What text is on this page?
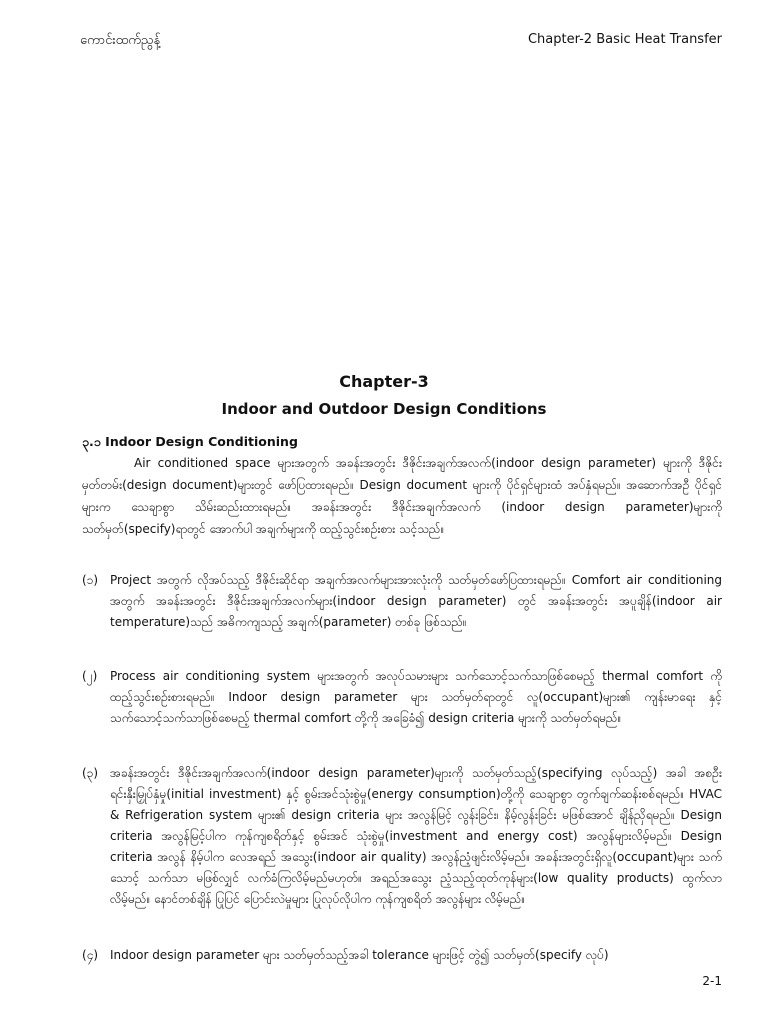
ကောင်းထက်ညွန့်	Chapter-2 Basic Heat Transfer
Chapter-3
Indoor and Outdoor Design Conditions
၃.၁ Indoor Design Conditioning

Air conditioned space များအတွက် အခန်းအတွင်း ဒီဇိုင်းအချက်အလက်(indoor design parameter) များကို ဒီဇိုင်းမှတ်တမ်း(design document)များတွင် ဖော်ပြထားရမည်။ Design document များကို ပိုင်ရှင်များထံ အပ်နှံရမည်။ အဆောက်အဦ ပိုင်ရှင်များက သေချာစွာ သိမ်းဆည်းထားရမည်။ အခန်းအတွင်း ဒီဇိုင်းအချက်အလက် (indoor design parameter)များကို သတ်မှတ်(specify)ရာတွင် အောက်ပါ အချက်များကို ထည့်သွင်းစဉ်းစား သင့်သည်။

(၁) Project အတွက် လိုအပ်သည့် ဒီဇိုင်းဆိုင်ရာ အချက်အလက်များအားလုံးကို သတ်မှတ်ဖော်ပြထားရမည်။ Comfort air conditioning အတွက် အခန်းအတွင်း ဒီဇိုင်းအချက်အလက်များ(indoor design parameter) တွင် အခန်းအတွင်း အပူချိန်(indoor air temperature)သည် အဓိကကျသည့် အချက်(parameter) တစ်ခု ဖြစ်သည်။
(၂)	Process air conditioning system များအတွက် အလုပ်သမားများ သက်သောင့်သက်သာဖြစ်စေမည့် thermal comfort ကို ထည့်သွင်းစဉ်းစားရမည်။ Indoor design parameter များ သတ်မှတ်ရာတွင် လူ(occupant)များ၏ ကျန်းမာရေး နှင့် သက်သောင့်သက်သာဖြစ်စေမည့် thermal comfort တို့ကို အခြေခံ၍ design criteria များကို သတ်မှတ်ရမည်။
(၃) အခန်းအတွင်း ဒီဇိုင်းအချက်အလက်(indoor design parameter)များကို သတ်မှတ်သည့်(specifying လုပ်သည့်) အခါ အစဦး ရင်းနှီးမြှုပ်နှံမှု(initial investment) နှင့် စွမ်းအင်သုံးစွဲမှု(energy consumption)တို့ကို သေချာစွာ တွက်ချက်ဆန်းစစ်ရမည်။ HVAC & Refrigeration system များ၏ design criteria များ အလွန်မြင့် လွန်းခြင်း၊ နိမ့်လွန်းခြင်း မဖြစ်အောင် ချိန်ညှိရမည်။ Design criteria အလွန်မြင့်ပါက ကုန်ကျစရိတ်နှင့် စွမ်းအင် သုံးစွဲမှု(investment and energy cost) အလွန်များလိမ့်မည်။ Design criteria အလွန် နိမ့်ပါက လေအရည် အသွေး(indoor air quality) အလွန်ညံ့ဖျင်းလိမ့်မည်။ အခန်းအတွင်းရှိလူ(occupant)များ သက်သောင့် သက်သာ မဖြစ်လျှင် လက်ခံကြလိမ့်မည်မဟုတ်။ အရည်အသွေး ညံ့သည့်ထုတ်ကုန်များ(low quality products) ထွက်လာလိမ့်မည်။ နောင်တစ်ချိန် ပြုပြင် ပြောင်းလဲမှုများ ပြုလုပ်လိုပါက ကုန်ကျစရိတ် အလွန်များ လိမ့်မည်။
(၄) Indoor design parameter များ သတ်မှတ်သည့်အခါ tolerance များဖြင့် တွဲ၍ သတ်မှတ်(specify လုပ်)
2-1
